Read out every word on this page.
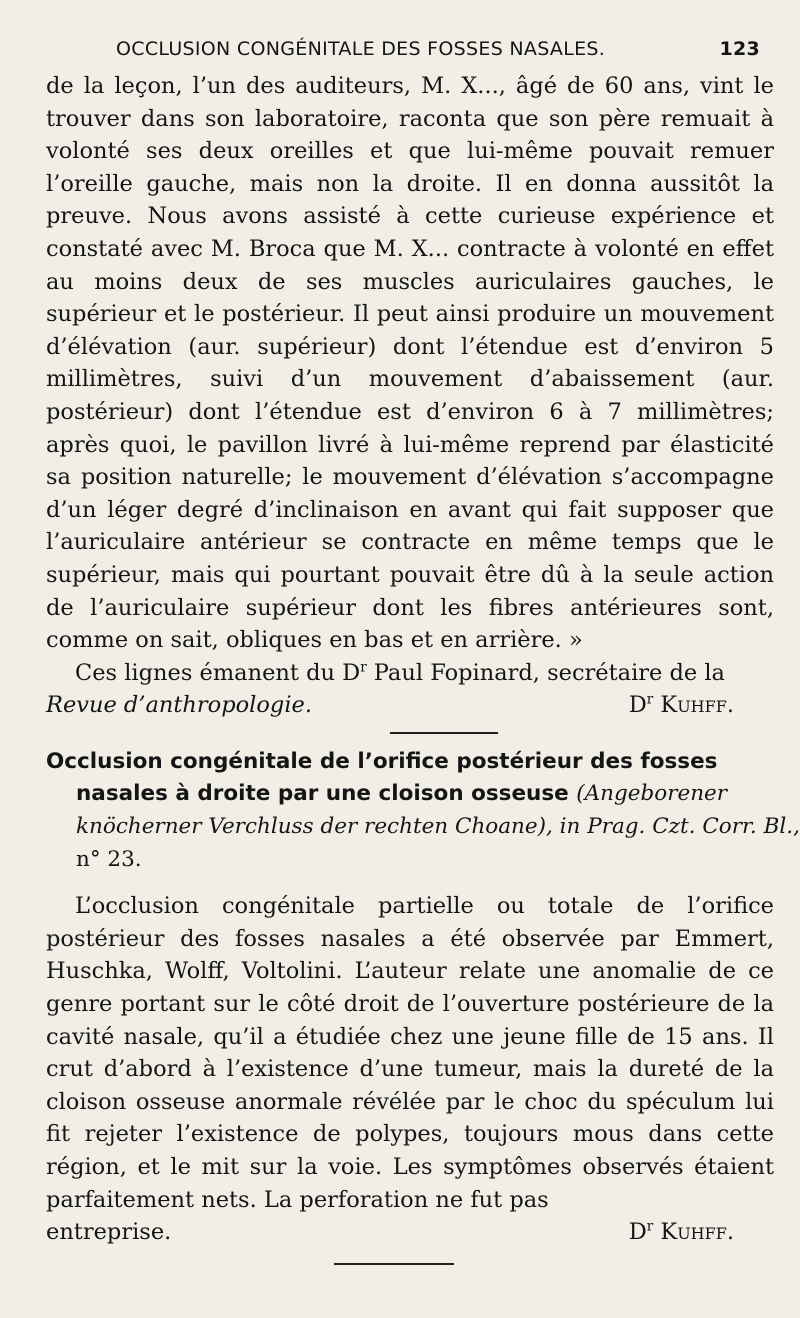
OCCLUSION CONGÉNITALE DES FOSSES NASALES.	123

de la leçon, l’un des auditeurs, M. X..., âgé de 60 ans, vint le trouver dans son laboratoire, raconta que son père remuait à volonté ses deux oreilles et que lui-même pouvait remuer l’oreille gauche, mais non la droite. Il en donna aussitôt la preuve. Nous avons assisté à cette curieuse expérience et constaté avec M. Broca que M. X... contracte à volonté en effet au moins deux de ses muscles auriculaires gauches, le supérieur et le postérieur. Il peut ainsi produire un mouvement d’élévation (aur. supérieur) dont l’étendue est d’environ 5 millimètres, suivi d’un mouvement d’abaissement (aur. postérieur) dont l’étendue est d’environ 6 à 7 millimètres; après quoi, le pavillon livré à lui-même reprend par élasticité sa position naturelle; le mouvement d’élévation s’accompagne d’un léger degré d’inclinaison en avant qui fait supposer que l’auriculaire antérieur se contracte en même temps que le supérieur, mais qui pourtant pouvait être dû à la seule action de l’auriculaire supérieur dont les fibres antérieures sont, comme on sait, obliques en bas et en arrière. »

Ces lignes émanent du $D^r$ Paul Fopinard, secrétaire de la

Revue d’anthropologie.	$D^r$ Kuhff.

Occlusion congénitale de l’orifice postérieur des fosses nasales à droite par une cloison osseuse (Angeborener knöcherner Verchluss der rechten Choane), in Prag. Czt. Corr. Bl., n° 23.

L’occlusion congénitale partielle ou totale de l’orifice postérieur des fosses nasales a été observée par Emmert, Huschka, Wolff, Voltolini. L’auteur relate une anomalie de ce genre portant sur le côté droit de l’ouverture postérieure de la cavité nasale, qu’il a étudiée chez une jeune fille de 15 ans. Il crut d’abord à l’existence d’une tumeur, mais la dureté de la cloison osseuse anormale révélée par le choc du spéculum lui fit rejeter l’existence de polypes, toujours mous dans cette région, et le mit sur la voie. Les symptômes observés étaient parfaitement nets. La perforation ne fut pas

entreprise.	$D^r$ Kuhff.
